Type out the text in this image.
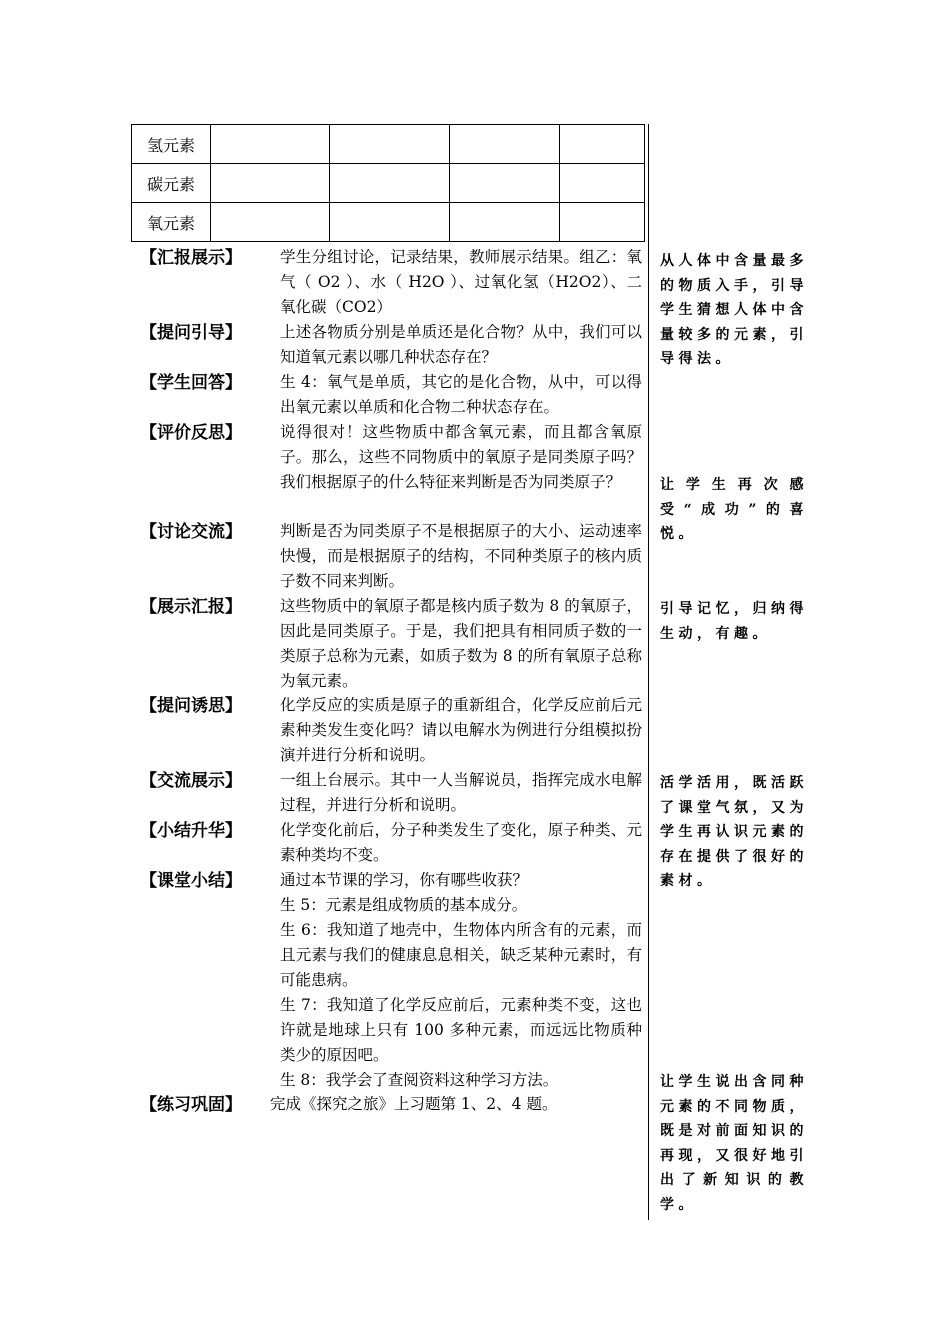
氢元素				
碳元素				
氧元素				
【汇报展示】 学生分组讨论，记录结果，教师展示结果。组乙：氧气（ O2 ）、水（ H2O ）、过氧化氢（H2O2）、二氧化碳（CO2）

【提问引导】 上述各物质分别是单质还是化合物？从中，我们可以知道氧元素以哪几种状态存在？

【学生回答】 生 4：氧气是单质，其它的是化合物，从中，可以得出氧元素以单质和化合物二种状态存在。

【评价反思】 说得很对！这些物质中都含氧元素，而且都含氧原子。那么，这些不同物质中的氧原子是同类原子吗？我们根据原子的什么特征来判断是否为同类原子？

【讨论交流】 判断是否为同类原子不是根据原子的大小、运动速率快慢，而是根据原子的结构，不同种类原子的核内质子数不同来判断。

【展示汇报】 这些物质中的氧原子都是核内质子数为 8 的氧原子，因此是同类原子。于是，我们把具有相同质子数的一类原子总称为元素，如质子数为 8 的所有氧原子总称为氧元素。

【提问诱思】 化学反应的实质是原子的重新组合，化学反应前后元素种类发生变化吗？请以电解水为例进行分组模拟扮演并进行分析和说明。

【交流展示】 一组上台展示。其中一人当解说员，指挥完成水电解过程，并进行分析和说明。

【小结升华】 化学变化前后，分子种类发生了变化，原子种类、元素种类均不变。

【课堂小结】 通过本节课的学习，你有哪些收获？

生 5：元素是组成物质的基本成分。

生 6：我知道了地壳中，生物体内所含有的元素，而且元素与我们的健康息息相关，缺乏某种元素时，有可能患病。

生 7：我知道了化学反应前后，元素种类不变，这也许就是地球上只有 100 多种元素，而远远比物质种类少的原因吧。

生 8：我学会了查阅资料这种学习方法。

【练习巩固】 完成《探究之旅》上习题第 1、2、4 题。

从人体中含量最多的物质入手，引导学生猜想人体中含量较多的元素，引导得法。
让学生再次感受“成功”的喜悦。
引导记忆，归纳得生动，有趣。
活学活用，既活跃了课堂气氛，又为学生再认识元素的存在提供了很好的素材。
让学生说出含同种元素的不同物质，既是对前面知识的再现，又很好地引出了新知识的教学。
